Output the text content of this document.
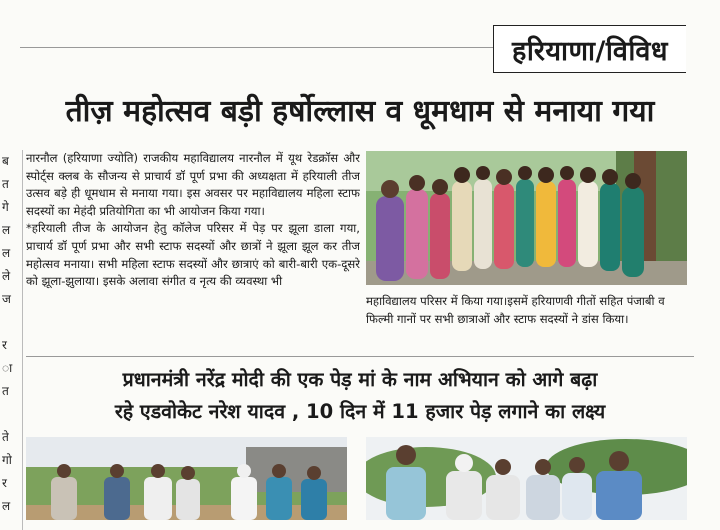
हरियाणा/विविध
तीज़ महोत्सव बड़ी हर्षोल्लास व धूमधाम से मनाया गया
ब
त
गे
ल
ल
ले
ज
र
ा
त
ते
गो
र
ल

नारनौल (हरियाणा ज्योति) राजकीय महाविद्यालय नारनौल में यूथ रेडक्रॉस और स्पोर्ट्स क्लब के सौजन्य से प्राचार्य डॉ पूर्ण प्रभा की अध्यक्षता में हरियाली तीज उत्सव बड़े ही धूमधाम से मनाया गया। इस अवसर पर महाविद्यालय महिला स्टाफ सदस्यों का मेहंदी प्रतियोगिता का भी आयोजन किया गया।

*हरियाली तीज के आयोजन हेतु कॉलेज परिसर में पेड़ पर झूला डाला गया, प्राचार्य डॉ पूर्ण प्रभा और सभी स्टाफ सदस्यों और छात्रों ने झूला झूल कर तीज महोत्सव मनाया। सभी महिला स्टाफ सदस्यों और छात्राएं को बारी-बारी एक-दूसरे को झूला-झुलाया। इसके अलावा संगीत व नृत्य की व्यवस्था भी

महाविद्यालय परिसर में किया गया।इसमें हरियाणवी गीतों सहित पंजाबी व फिल्मी गानों पर सभी छात्राओं और स्टाफ सदस्यों ने डांस किया।
प्रधानमंत्री नरेंद्र मोदी की एक पेड़ मां के नाम अभियान को आगे बढ़ा
रहे एडवोकेट नरेश यादव , 10 दिन में 11 हजार पेड़ लगाने का लक्ष्य
